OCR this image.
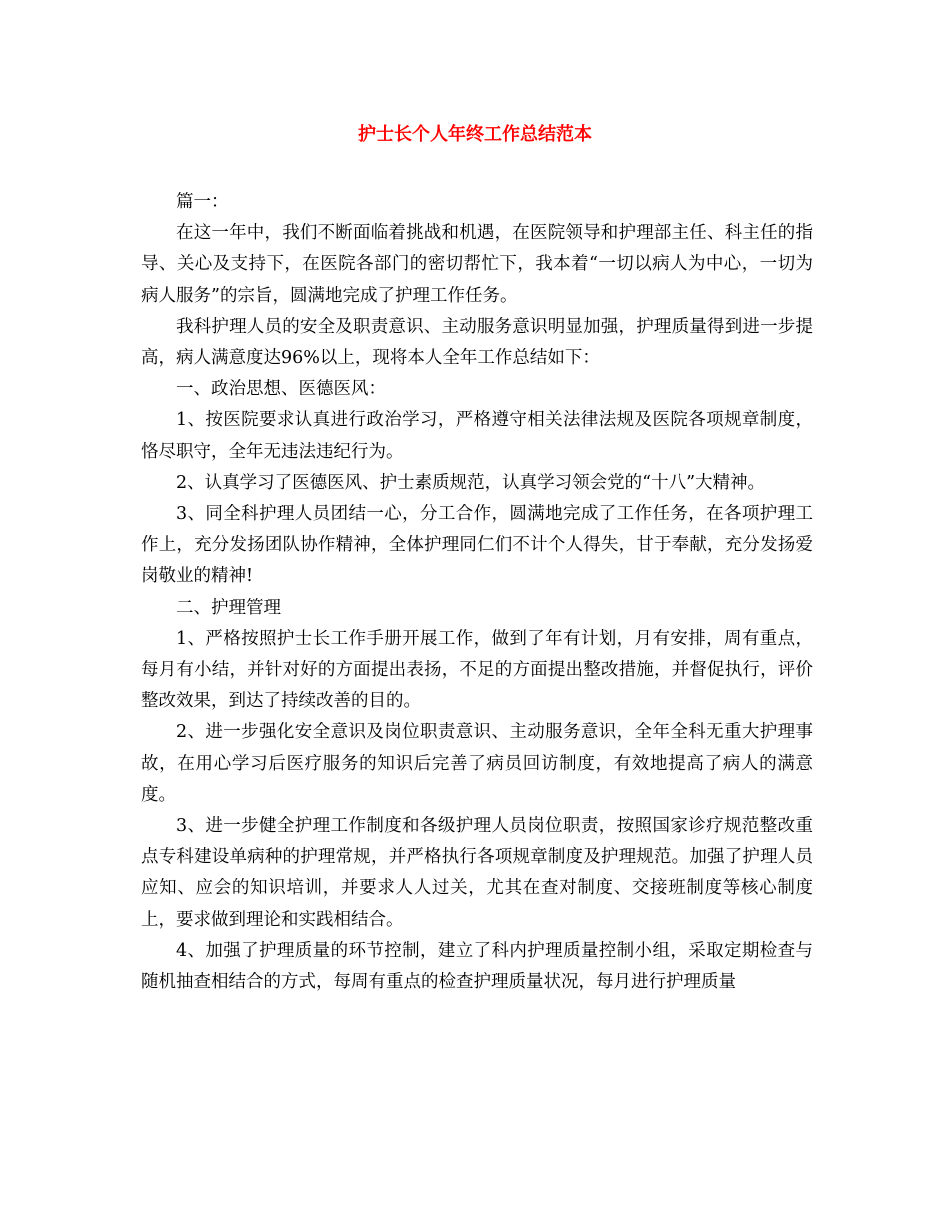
护士长个人年终工作总结范本

篇一：

在这一年中，我们不断面临着挑战和机遇，在医院领导和护理部主任、科主任的指导、关心及支持下，在医院各部门的密切帮忙下，我本着“一切以病人为中心，一切为病人服务”的宗旨，圆满地完成了护理工作任务。

我科护理人员的安全及职责意识、主动服务意识明显加强，护理质量得到进一步提高，病人满意度达96%以上，现将本人全年工作总结如下：

一、政治思想、医德医风：

1、按医院要求认真进行政治学习，严格遵守相关法律法规及医院各项规章制度，恪尽职守，全年无违法违纪行为。

2、认真学习了医德医风、护士素质规范，认真学习领会党的“十八”大精神。

3、同全科护理人员团结一心，分工合作，圆满地完成了工作任务，在各项护理工作上，充分发扬团队协作精神，全体护理同仁们不计个人得失，甘于奉献，充分发扬爱岗敬业的精神!

二、护理管理

1、严格按照护士长工作手册开展工作，做到了年有计划，月有安排，周有重点，每月有小结，并针对好的方面提出表扬，不足的方面提出整改措施，并督促执行，评价整改效果，到达了持续改善的目的。

2、进一步强化安全意识及岗位职责意识、主动服务意识，全年全科无重大护理事故，在用心学习后医疗服务的知识后完善了病员回访制度，有效地提高了病人的满意度。

3、进一步健全护理工作制度和各级护理人员岗位职责，按照国家诊疗规范整改重点专科建设单病种的护理常规，并严格执行各项规章制度及护理规范。加强了护理人员应知、应会的知识培训，并要求人人过关，尤其在查对制度、交接班制度等核心制度上，要求做到理论和实践相结合。

4、加强了护理质量的环节控制，建立了科内护理质量控制小组，采取定期检查与随机抽查相结合的方式，每周有重点的检查护理质量状况，每月进行护理质量
